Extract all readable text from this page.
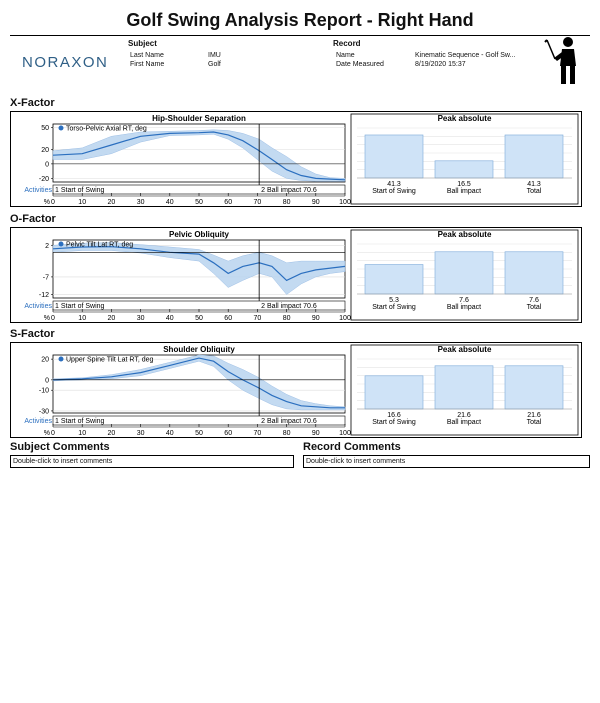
Golf Swing Analysis Report - Right Hand
NORAXON
Subject
Last Name	IMU
First Name	Golf
Record
Name	Kinematic Sequence - Golf Sw...
Date Measured	8/19/2020 15:37
X-Factor
Hip-Shoulder Separation
50
20
0
-20
Torso-Pelvic Axial RT, deg
Activities 1 Start of Swing	2 Ball impact 70.6
% 0	10	20	30	40	50	60	70	80	90	100
Peak absolute
41.3
Start of Swing
16.5
Ball impact
41.3
Total
O-Factor
Pelvic Obliquity
2
-7
-12
Pelvic Tilt Lat RT, deg
Activities 1 Start of Swing	2 Ball impact 70.6
% 0	10	20	30	40	50	60	70	80	90	100
Peak absolute
5.3
Start of Swing
7.6
Ball impact
7.6
Total
S-Factor
Shoulder Obliquity
20
0
-10
-30
Upper Spine Tilt Lat RT, deg
Activities 1 Start of Swing	2 Ball impact 70.6
% 0	10	20	30	40	50	60	70	80	90	100
Peak absolute
16.6
Start of Swing
21.6
Ball impact
21.6
Total
Subject Comments
Double-click to insert comments
Record Comments
Double-click to insert comments
